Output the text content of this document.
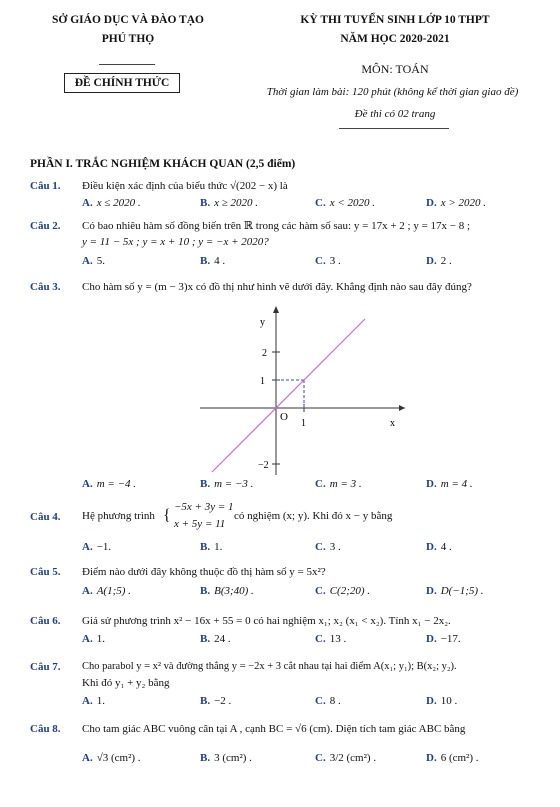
SỞ GIÁO DỤC VÀ ĐÀO TẠO
PHÚ THỌ
ĐỀ CHÍNH THỨC
KỲ THI TUYỂN SINH LỚP 10 THPT
NĂM HỌC 2020-2021
MÔN: TOÁN
Thời gian làm bài: 120 phút (không kể thời gian giao đề)
Đề thi có 02 trang
PHẦN I. TRẮC NGHIỆM KHÁCH QUAN (2,5 điểm)
Câu 1. Điều kiện xác định của biểu thức √(202 − x) là
A. x ≤ 2020 .	B. x ≥ 2020 .	C. x < 2020 .	D. x > 2020 .
Câu 2. Có bao nhiêu hàm số đồng biến trên ℝ trong các hàm số sau: y = 17x + 2 ; y = 17x − 8 ;
y = 11 − 5x ; y = x + 10 ; y = −x + 2020?
A. 5.	B. 4 .	C. 3 .	D. 2 .
Câu 3. Cho hàm số y = (m − 3)x có đồ thị như hình vẽ dưới đây. Khẳng định nào sau đây đúng?
y
x
O
1
1
2
−2
A. m = −4 .	B. m = −3 .	C. m = 3 .	D. m = 4 .
Câu 4. Hệ phương trình { −5x + 3y = 1
x + 5y = 11
có nghiệm (x; y). Khi đó x − y bằng
A. −1.	B. 1.	C. 3 .	D. 4 .
Câu 5. Điểm nào dưới đây không thuộc đồ thị hàm số y = 5x²?
A. A(1;5) .	B. B(3;40) .	C. C(2;20) .	D. D(−1;5) .
Câu 6. Giả sử phương trình x² − 16x + 55 = 0 có hai nghiệm x₁; x₂ (x₁ < x₂). Tính x₁ − 2x₂.
A. 1.	B. 24 .	C. 13 .	D. −17.
Câu 7. Cho parabol y = x² và đường thẳng y = −2x + 3 cắt nhau tại hai điểm A(x₁; y₁); B(x₂; y₂).
Khi đó y₁ + y₂ bằng
A. 1.	B. −2 .	C. 8 .	D. 10 .
Câu 8. Cho tam giác ABC vuông cân tại A , cạnh BC = √6 (cm). Diện tích tam giác ABC bằng
A. √3 (cm²) .	B. 3 (cm²) .	C. 3/2 (cm²) .	D. 6 (cm²) .
